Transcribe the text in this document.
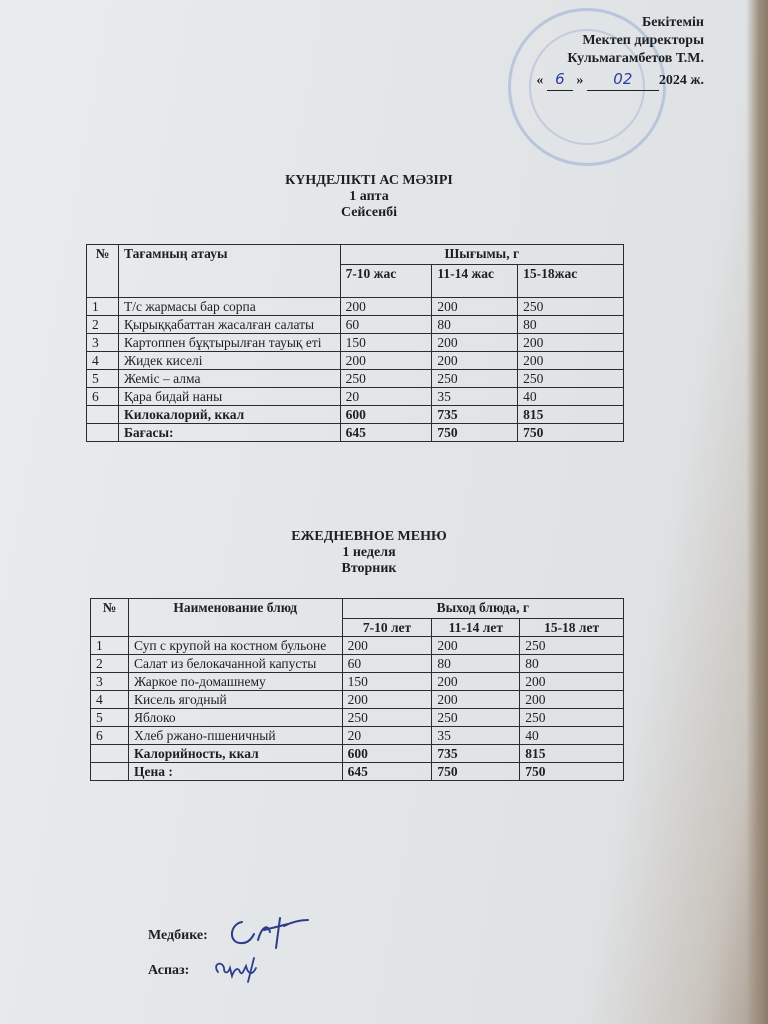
Бекітемін
Мектеп директоры
Кульмагамбетов Т.М.
« 6 » 02 2024 ж.
КҮНДЕЛІКТІ АС МӘЗІРІ
1 апта
Сейсенбі
№	Тағамның атауы	Шығымы, г		
		7-10 жас	11-14 жас	15-18жас
1	Т/с жармасы бар сорпа	200	200	250
2	Қырыққабаттан жасалған салаты	60	80	80
3	Картоппен бұқтырылған тауық еті	150	200	200
4	Жидек киселі	200	200	200
5	Жеміс – алма	250	250	250
6	Қара бидай наны	20	35	40
	Килокалорий, ккал	600	735	815
	Бағасы:	645	750	750
ЕЖЕДНЕВНОЕ МЕНЮ
1 неделя
Вторник
№	Наименование блюд	Выход блюда, г		
		7-10 лет	11-14 лет	15-18 лет
1	Суп с крупой на костном бульоне	200	200	250
2	Салат из белокачанной капусты	60	80	80
3	Жаркое по-домашнему	150	200	200
4	Кисель ягодный	200	200	200
5	Яблоко	250	250	250
6	Хлеб ржано-пшеничный	20	35	40
	Калорийность, ккал	600	735	815
	Цена :	645	750	750
Медбике:
Аспаз:
